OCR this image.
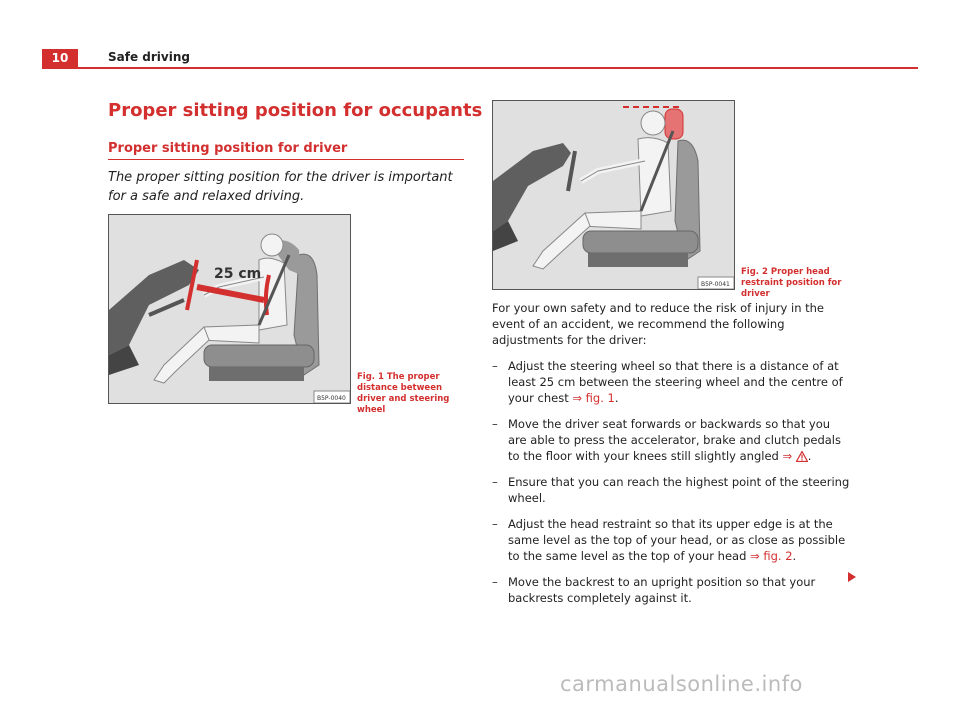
10	Safe driving
Proper sitting position for occupants
Proper sitting position for driver
The proper sitting position for the driver is important for a safe and relaxed driving.
25 cm
B5P-0040
Fig. 1 The proper distance between driver and steering wheel
B5P-0041
Fig. 2 Proper head restraint position for driver
For your own safety and to reduce the risk of injury in the event of an accident, we recommend the following adjustments for the driver:
– Adjust the steering wheel so that there is a distance of at least 25 cm between the steering wheel and the centre of your chest ⇒ fig. 1.
– Move the driver seat forwards or backwards so that you are able to press the accelerator, brake and clutch pedals to the floor with your knees still slightly angled ⇒ .
– Ensure that you can reach the highest point of the steering wheel.
– Adjust the head restraint so that its upper edge is at the same level as the top of your head, or as close as possible to the same level as the top of your head ⇒ fig. 2.
– Move the backrest to an upright position so that your backrests completely against it.
carmanualsonline.info
